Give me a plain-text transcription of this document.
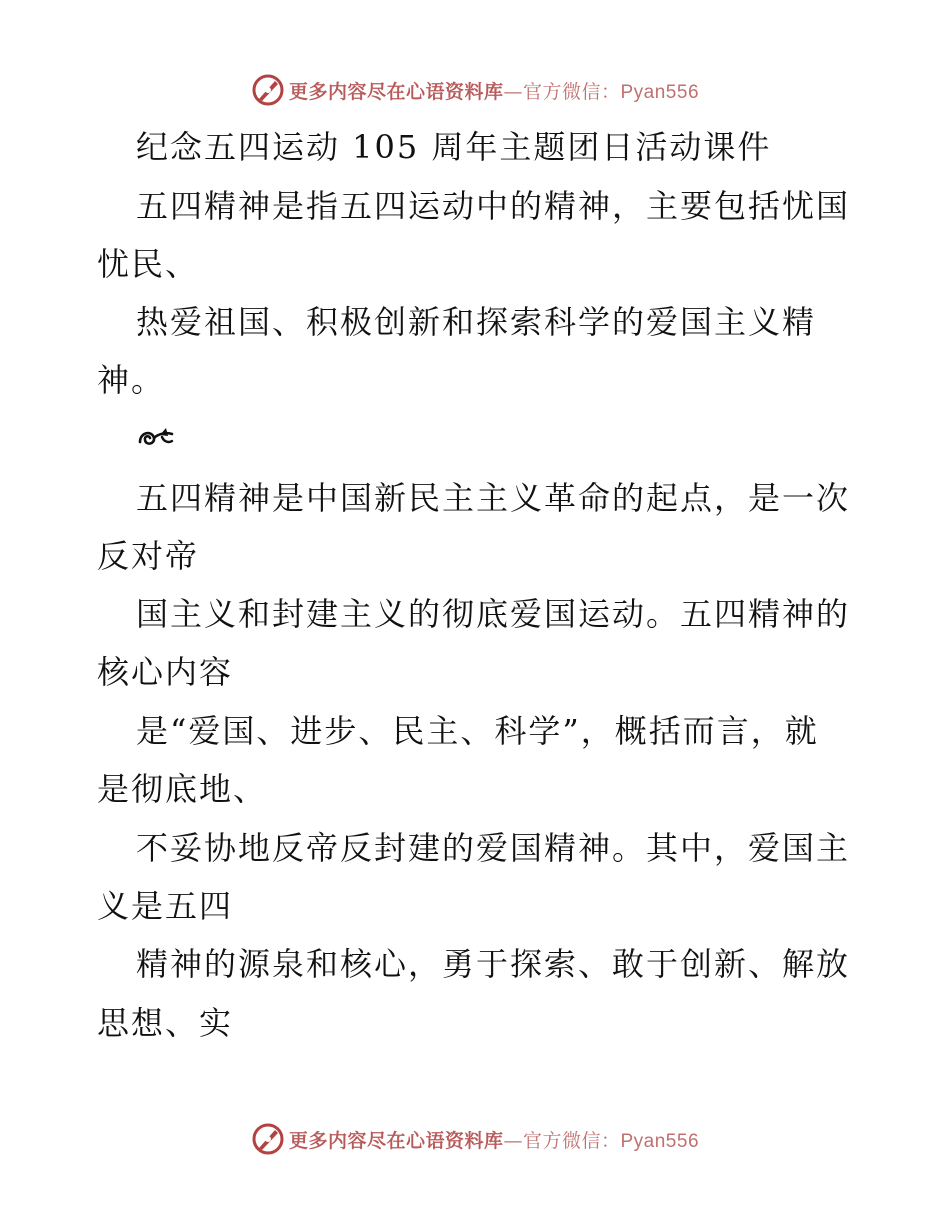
更多内容尽在心语资料库—官方微信：Pyan556
纪念五四运动 105 周年主题团日活动课件
五四精神是指五四运动中的精神，主要包括忧国
忧民、
热爱祖国、积极创新和探索科学的爱国主义精
神。
五四精神是中国新民主主义革命的起点，是一次
反对帝
国主义和封建主义的彻底爱国运动。五四精神的
核心内容
是“爱国、进步、民主、科学”，概括而言，就
是彻底地、
不妥协地反帝反封建的爱国精神。其中，爱国主
义是五四
精神的源泉和核心，勇于探索、敢于创新、解放
思想、实
更多内容尽在心语资料库—官方微信：Pyan556
